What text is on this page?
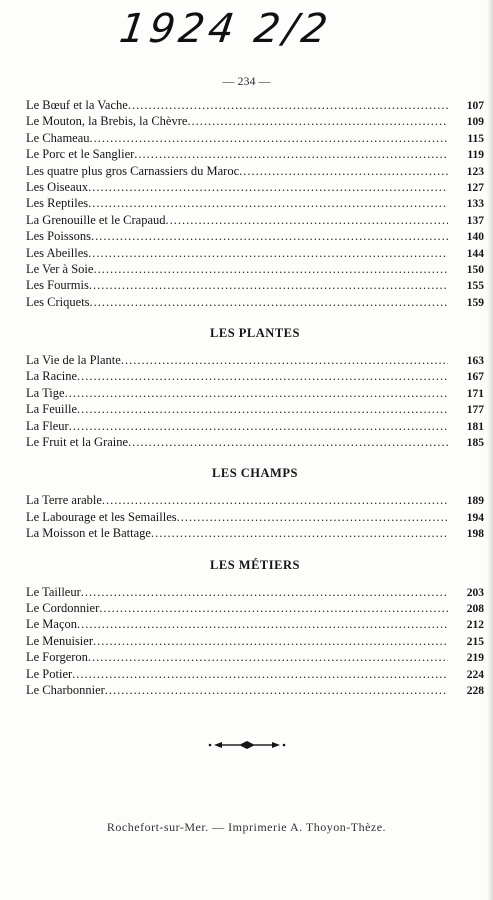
1924 2/2
— 234 —
Le Bœuf et la Vache .....	107
Le Mouton, la Brebis, la Chèvre .....	109
Le Chameau .....	115
Le Porc et le Sanglier .....	119
Les quatre plus gros Carnassiers du Maroc .....	123
Les Oiseaux .....	127
Les Reptiles .....	133
La Grenouille et le Crapaud .....	137
Les Poissons .....	140
Les Abeilles .....	144
Le Ver à Soie .....	150
Les Fourmis .....	155
Les Criquets .....	159
LES PLANTES
La Vie de la Plante .....	163
La Racine .....	167
La Tige .....	171
La Feuille .....	177
La Fleur .....	181
Le Fruit et la Graine .....	185
LES CHAMPS
La Terre arable .....	189
Le Labourage et les Semailles .....	194
La Moisson et le Battage .....	198
LES MÉTIERS
Le Tailleur .....	203
Le Cordonnier .....	208
Le Maçon .....	212
Le Menuisier .....	215
Le Forgeron .....	219
Le Potier .....	224
Le Charbonnier .....	228
Rochefort-sur-Mer. — Imprimerie A. Thoyon-Thèze.
